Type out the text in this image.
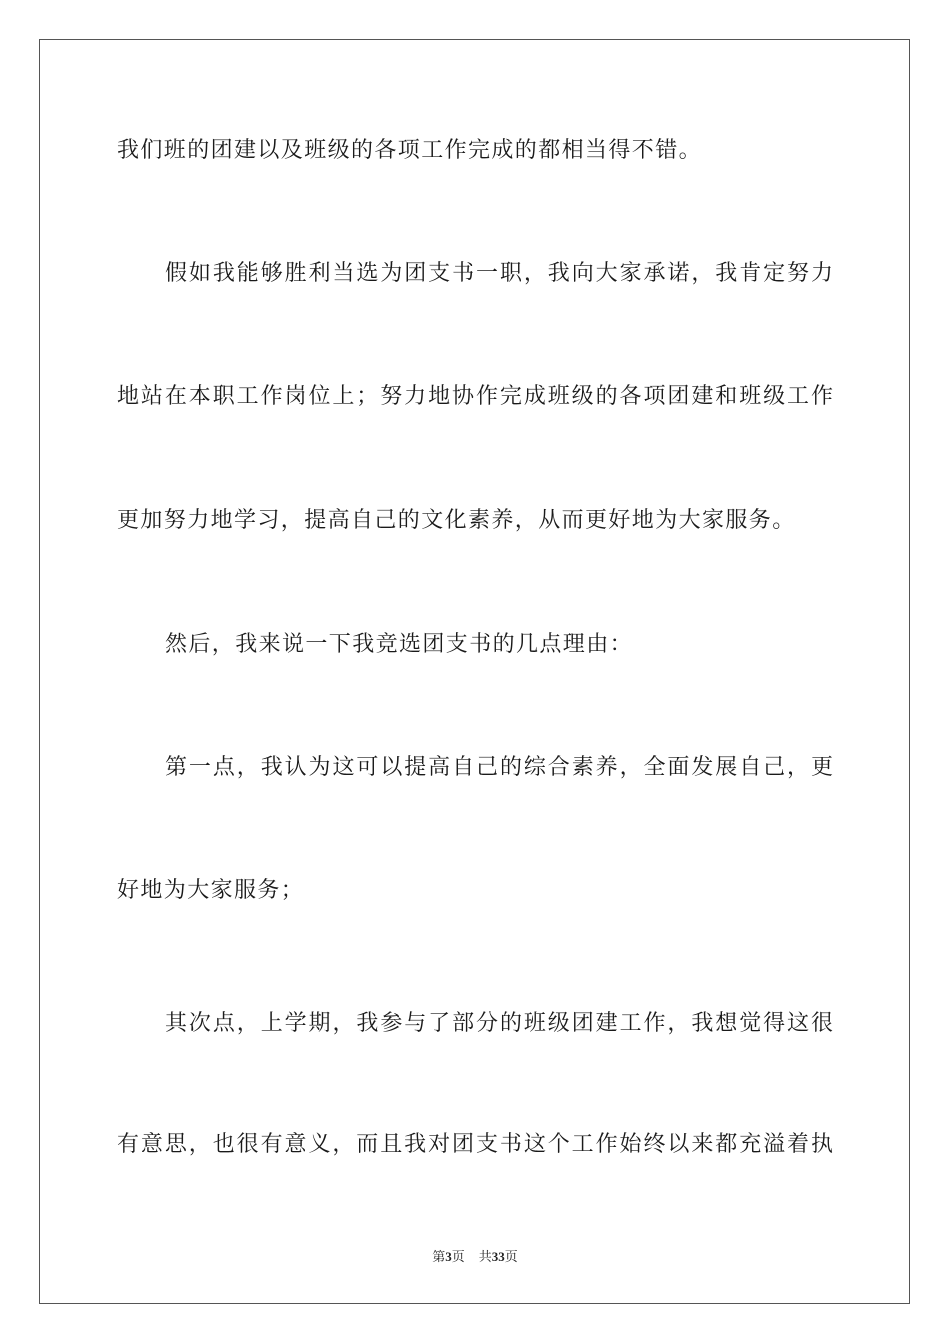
我们班的团建以及班级的各项工作完成的都相当得不错。
假如我能够胜利当选为团支书一职，我向大家承诺，我肯定努力
地站在本职工作岗位上；努力地协作完成班级的各项团建和班级工作
更加努力地学习，提高自己的文化素养，从而更好地为大家服务。
然后，我来说一下我竞选团支书的几点理由：
第一点，我认为这可以提高自己的综合素养，全面发展自己，更
好地为大家服务；
其次点，上学期，我参与了部分的班级团建工作，我想觉得这很
有意思，也很有意义，而且我对团支书这个工作始终以来都充溢着执
第3页 共33页
